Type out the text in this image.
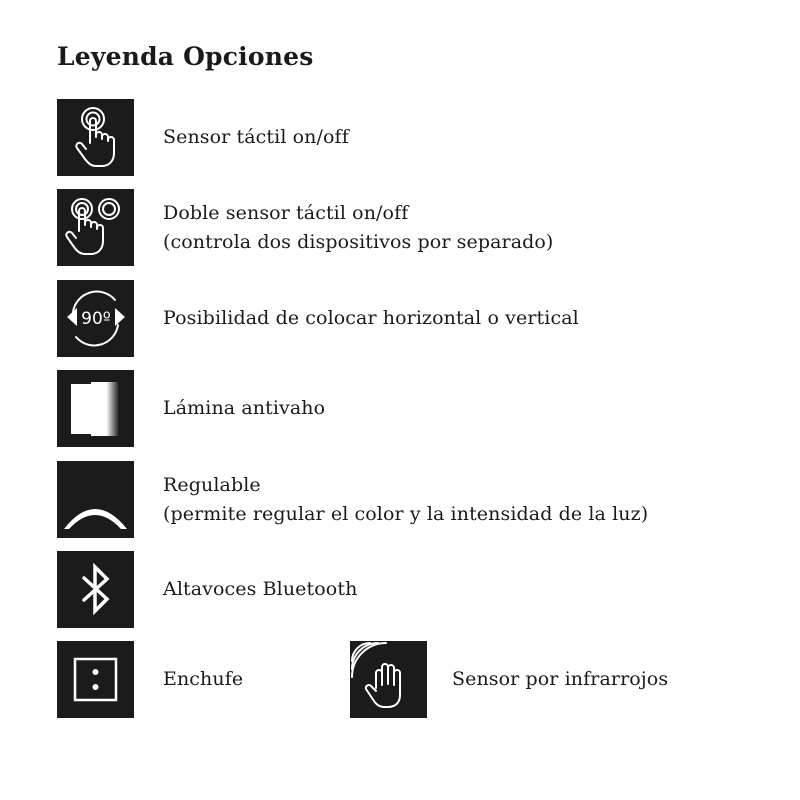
Leyenda Opciones
Sensor táctil on/off
Doble sensor táctil on/off
(controla dos dispositivos por separado)
90º	Posibilidad de colocar horizontal o vertical
Lámina antivaho
Regulable
(permite regular el color y la intensidad de la luz)
Altavoces Bluetooth
Enchufe	Sensor por infrarrojos
